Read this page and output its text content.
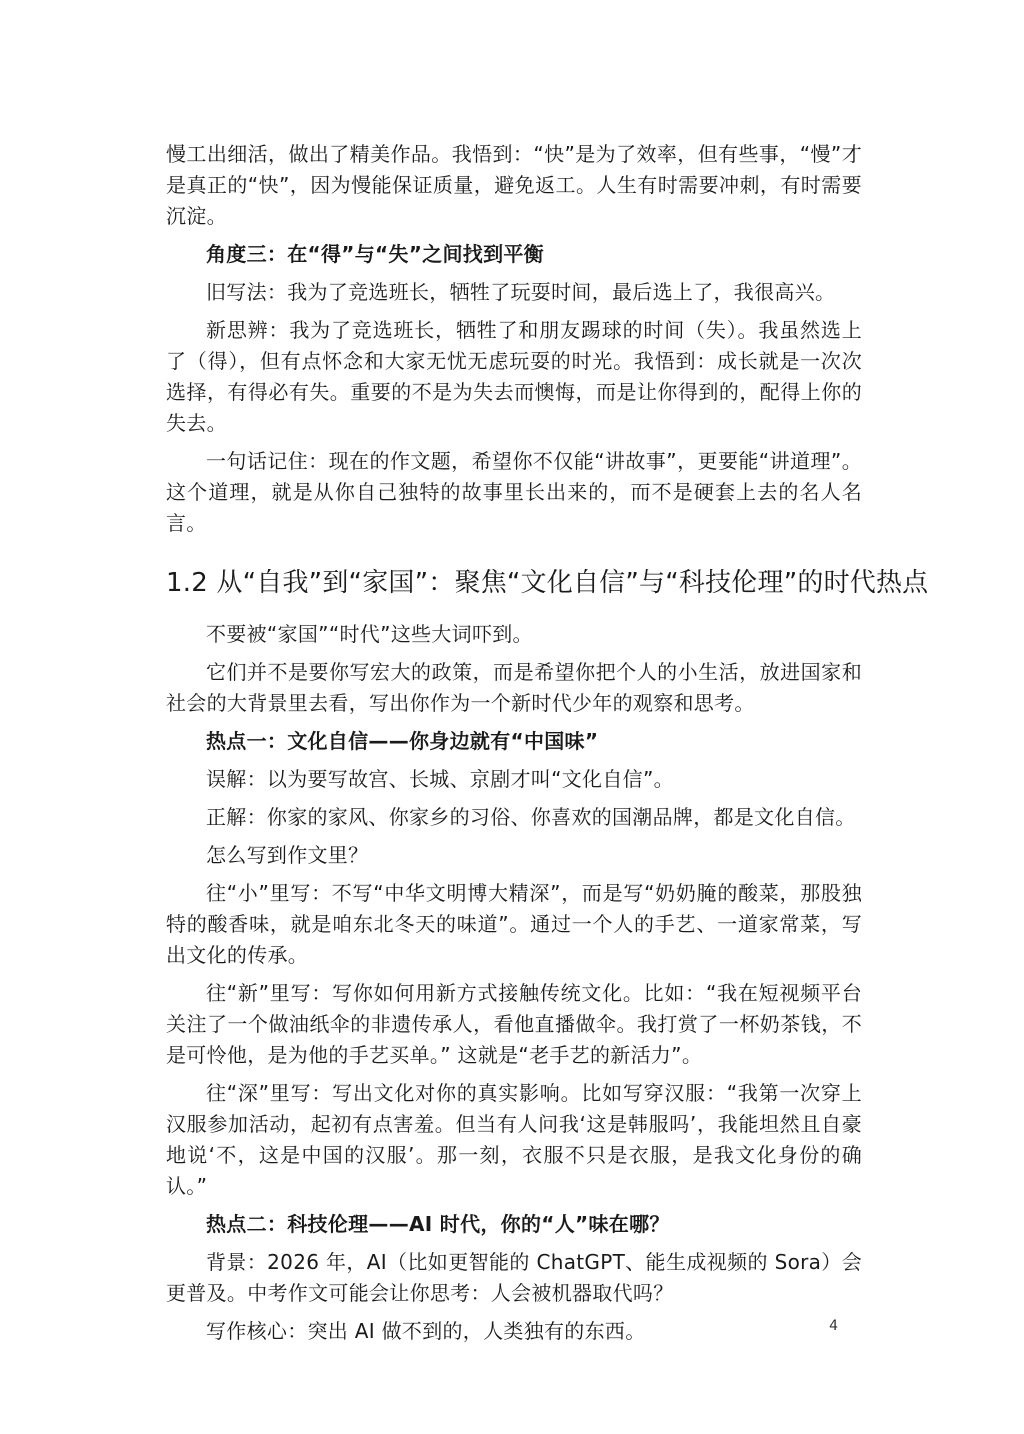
慢工出细活，做出了精美作品。我悟到：“快”是为了效率，但有些事，“慢”才是真正的“快”，因为慢能保证质量，避免返工。人生有时需要冲刺，有时需要沉淀。

角度三：在“得”与“失”之间找到平衡

旧写法：我为了竞选班长，牺牲了玩耍时间，最后选上了，我很高兴。

新思辨：我为了竞选班长，牺牲了和朋友踢球的时间（失）。我虽然选上了（得），但有点怀念和大家无忧无虑玩耍的时光。我悟到：成长就是一次次选择，有得必有失。重要的不是为失去而懊悔，而是让你得到的，配得上你的失去。

一句话记住：现在的作文题，希望你不仅能“讲故事”，更要能“讲道理”。这个道理，就是从你自己独特的故事里长出来的，而不是硬套上去的名人名言。

1.2 从“自我”到“家国”：聚焦“文化自信”与“科技伦理”的时代热点

不要被“家国”“时代”这些大词吓到。

它们并不是要你写宏大的政策，而是希望你把个人的小生活，放进国家和社会的大背景里去看，写出你作为一个新时代少年的观察和思考。

热点一：文化自信——你身边就有“中国味”

误解：以为要写故宫、长城、京剧才叫“文化自信”。

正解：你家的家风、你家乡的习俗、你喜欢的国潮品牌，都是文化自信。

怎么写到作文里？

往“小”里写：不写“中华文明博大精深”，而是写“奶奶腌的酸菜，那股独特的酸香味，就是咱东北冬天的味道”。通过一个人的手艺、一道家常菜，写出文化的传承。

往“新”里写：写你如何用新方式接触传统文化。比如：“我在短视频平台关注了一个做油纸伞的非遗传承人，看他直播做伞。我打赏了一杯奶茶钱，不是可怜他，是为他的手艺买单。” 这就是“老手艺的新活力”。

往“深”里写：写出文化对你的真实影响。比如写穿汉服：“我第一次穿上汉服参加活动，起初有点害羞。但当有人问我‘这是韩服吗’，我能坦然且自豪地说‘不，这是中国的汉服’。那一刻，衣服不只是衣服，是我文化身份的确认。”

热点二：科技伦理——AI 时代，你的“人”味在哪？

背景：2026 年，AI（比如更智能的 ChatGPT、能生成视频的 Sora）会更普及。中考作文可能会让你思考：人会被机器取代吗？

写作核心：突出 AI 做不到的，人类独有的东西。	4
